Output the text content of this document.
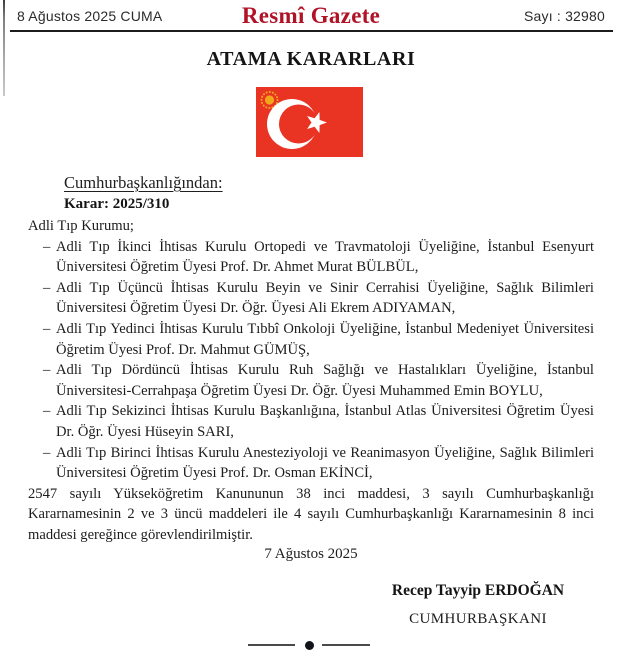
8 Ağustos 2025 CUMA	Resmî Gazete	Sayı : 32980
ATAMA KARARLARI
Cumhurbaşkanlığından:
Karar: 2025/310
Adli Tıp Kurumu;
– Adli Tıp İkinci İhtisas Kurulu Ortopedi ve Travmatoloji Üyeliğine, İstanbul Esenyurt Üniversitesi Öğretim Üyesi Prof. Dr. Ahmet Murat BÜLBÜL,
– Adli Tıp Üçüncü İhtisas Kurulu Beyin ve Sinir Cerrahisi Üyeliğine, Sağlık Bilimleri Üniversitesi Öğretim Üyesi Dr. Öğr. Üyesi Ali Ekrem ADIYAMAN,
– Adli Tıp Yedinci İhtisas Kurulu Tıbbî Onkoloji Üyeliğine, İstanbul Medeniyet Üniversitesi Öğretim Üyesi Prof. Dr. Mahmut GÜMÜŞ,
– Adli Tıp Dördüncü İhtisas Kurulu Ruh Sağlığı ve Hastalıkları Üyeliğine, İstanbul Üniversitesi-Cerrahpaşa Öğretim Üyesi Dr. Öğr. Üyesi Muhammed Emin BOYLU,
– Adli Tıp Sekizinci İhtisas Kurulu Başkanlığına, İstanbul Atlas Üniversitesi Öğretim Üyesi Dr. Öğr. Üyesi Hüseyin SARI,
– Adli Tıp Birinci İhtisas Kurulu Anesteziyoloji ve Reanimasyon Üyeliğine, Sağlık Bilimleri Üniversitesi Öğretim Üyesi Prof. Dr. Osman EKİNCİ,
2547 sayılı Yükseköğretim Kanununun 38 inci maddesi, 3 sayılı Cumhurbaşkanlığı Kararnamesinin 2 ve 3 üncü maddeleri ile 4 sayılı Cumhurbaşkanlığı Kararnamesinin 8 inci maddesi gereğince görevlendirilmiştir.
7 Ağustos 2025
Recep Tayyip ERDOĞAN
CUMHURBAŞKANI
